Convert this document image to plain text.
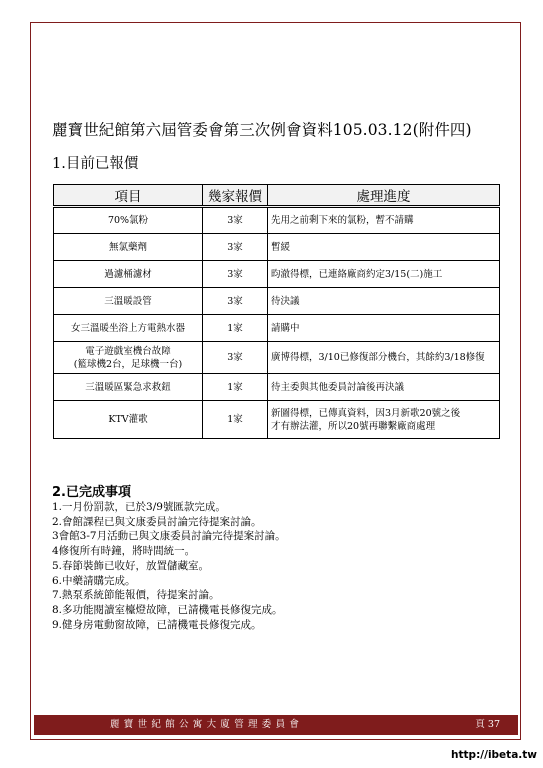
麗寶世紀館第六屆管委會第三次例會資料105.03.12(附件四)
1.目前已報價
項目	幾家報價	處理進度

70%氯粉	3家	先用之前剩下來的氯粉，暫不請購

無氯藥劑	3家	暫緩

過濾桶濾材	3家	昀澈得標，已連絡廠商約定3/15(二)施工

三溫暖設管	3家	待決議

女三溫暖坐浴上方電熱水器	1家	請購中

電子遊戲室機台故障
(籃球機2台，足球機一台)	3家	廣博得標，3/10已修復部分機台，其餘約3/18修復

三溫暖區緊急求救鈕	1家	待主委與其他委員討論後再決議

KTV灌歌	1家	新圖得標，已傳真資料，因3月新歌20號之後
才有辦法灌，所以20號再聯繫廠商處理
2.已完成事項
1.一月份罰款，已於3/9號匯款完成。
2.會館課程已與文康委員討論完待提案討論。
3會館3-7月活動已與文康委員討論完待提案討論。
4修復所有時鐘，將時間統一。
5.春節裝飾已收好，放置儲藏室。
6.中藥請購完成。
7.熱泵系統節能報價，待提案討論。
8.多功能閱讀室檯燈故障，已請機電長修復完成。
9.健身房電動窗故障，已請機電長修復完成。
麗寶世紀館公寓大廈管理委員會	頁 37
http://ibeta.tw
